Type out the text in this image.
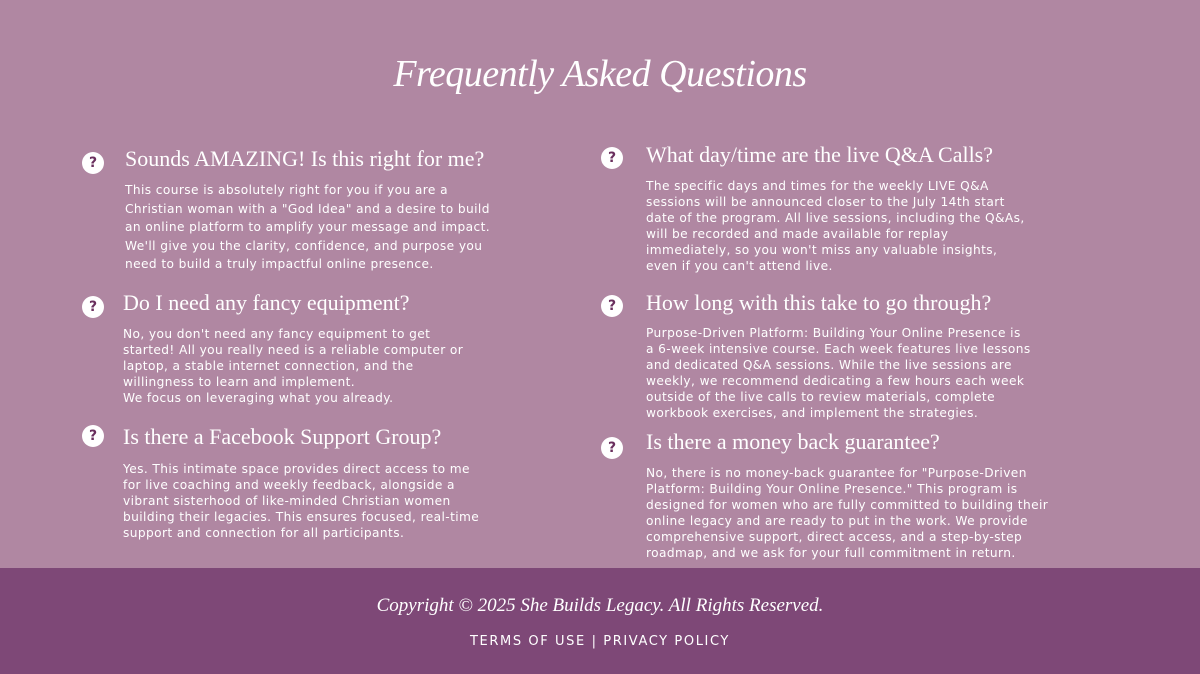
Frequently Asked Questions
?	Sounds AMAZING! Is this right for me?

This course is absolutely right for you if you are a
Christian woman with a "God Idea" and a desire to build
an online platform to amplify your message and impact.
We'll give you the clarity, confidence, and purpose you
need to build a truly impactful online presence.

?	Do I need any fancy equipment?

No, you don't need any fancy equipment to get
started! All you really need is a reliable computer or
laptop, a stable internet connection, and the
willingness to learn and implement.
We focus on leveraging what you already.

?	Is there a Facebook Support Group?

Yes. This intimate space provides direct access to me
for live coaching and weekly feedback, alongside a
vibrant sisterhood of like-minded Christian women
building their legacies. This ensures focused, real-time
support and connection for all participants.

?	What day/time are the live Q&A Calls?

The specific days and times for the weekly LIVE Q&A
sessions will be announced closer to the July 14th start
date of the program. All live sessions, including the Q&As,
will be recorded and made available for replay
immediately, so you won't miss any valuable insights,
even if you can't attend live.

?	How long with this take to go through?

Purpose-Driven Platform: Building Your Online Presence is
a 6-week intensive course. Each week features live lessons
and dedicated Q&A sessions. While the live sessions are
weekly, we recommend dedicating a few hours each week
outside of the live calls to review materials, complete
workbook exercises, and implement the strategies.

?	Is there a money back guarantee?

No, there is no money-back guarantee for "Purpose-Driven
Platform: Building Your Online Presence." This program is
designed for women who are fully committed to building their
online legacy and are ready to put in the work. We provide
comprehensive support, direct access, and a step-by-step
roadmap, and we ask for your full commitment in return.

Copyright © 2025 She Builds Legacy. All Rights Reserved.
TERMS OF USE | PRIVACY POLICY
